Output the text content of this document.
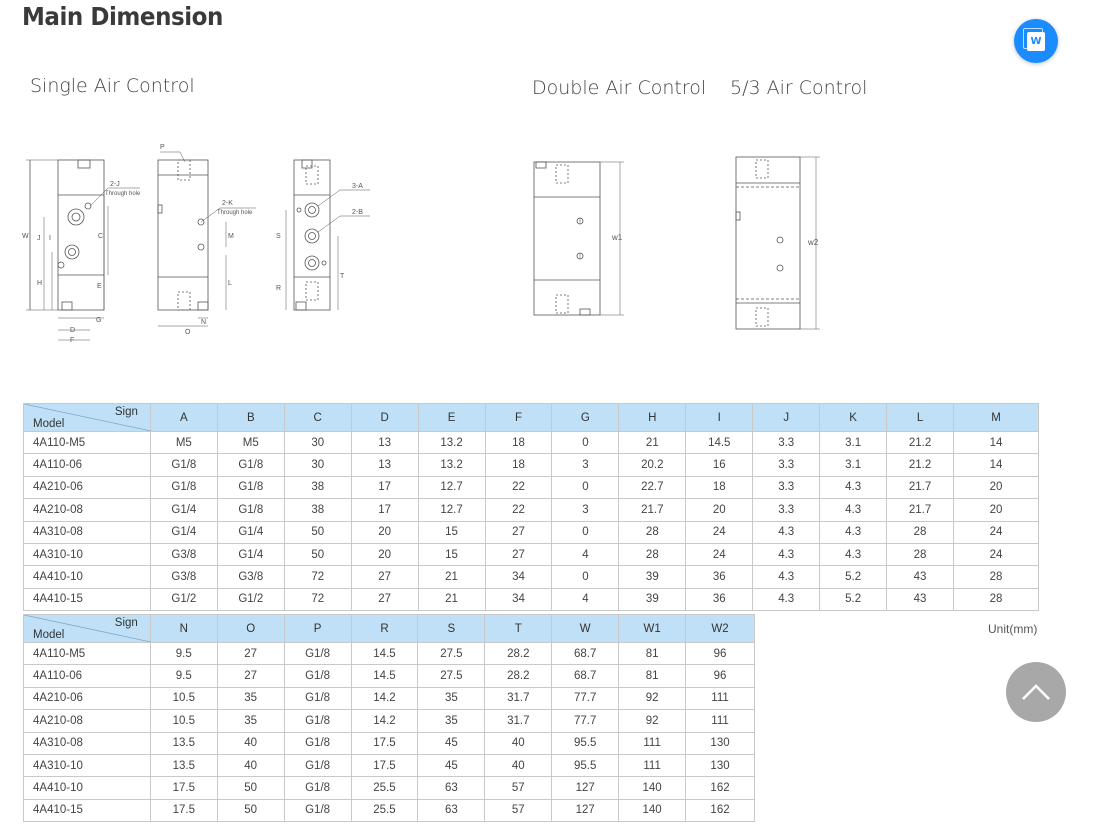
Main Dimension
W
Single Air Control	Double Air Control 5/3 Air Control
2-J
Through hole
W J	C
I
H	E
D
G
F
P
2-K
Through hole
M
L
O
N
3-A
2-B
S
T
R
w1
w2
Sign
Model	A	B	C	D	E	F	G	H	I	J	K	L	M
4A110-M5	M5	M5	30	13	13.2	18	0	21	14.5	3.3	3.1	21.2	14
4A110-06	G1/8	G1/8	30	13	13.2	18	3	20.2	16	3.3	3.1	21.2	14
4A210-06	G1/8	G1/8	38	17	12.7	22	0	22.7	18	3.3	4.3	21.7	20
4A210-08	G1/4	G1/8	38	17	12.7	22	3	21.7	20	3.3	4.3	21.7	20
4A310-08	G1/4	G1/4	50	20	15	27	0	28	24	4.3	4.3	28	24
4A310-10	G3/8	G1/4	50	20	15	27	4	28	24	4.3	4.3	28	24
4A410-10	G3/8	G3/8	72	27	21	34	0	39	36	4.3	5.2	43	28
4A410-15	G1/2	G1/2	72	27	21	34	4	39	36	4.3	5.2	43	28
Sign
Model	N	O	P	R	S	T	W	W1	W2
4A110-M5	9.5	27	G1/8	14.5	27.5	28.2	68.7	81	96
4A110-06	9.5	27	G1/8	14.5	27.5	28.2	68.7	81	96
4A210-06	10.5	35	G1/8	14.2	35	31.7	77.7	92	111
4A210-08	10.5	35	G1/8	14.2	35	31.7	77.7	92	111
4A310-08	13.5	40	G1/8	17.5	45	40	95.5	111	130
4A310-10	13.5	40	G1/8	17.5	45	40	95.5	111	130
4A410-10	17.5	50	G1/8	25.5	63	57	127	140	162
4A410-15	17.5	50	G1/8	25.5	63	57	127	140	162
Unit(mm)
